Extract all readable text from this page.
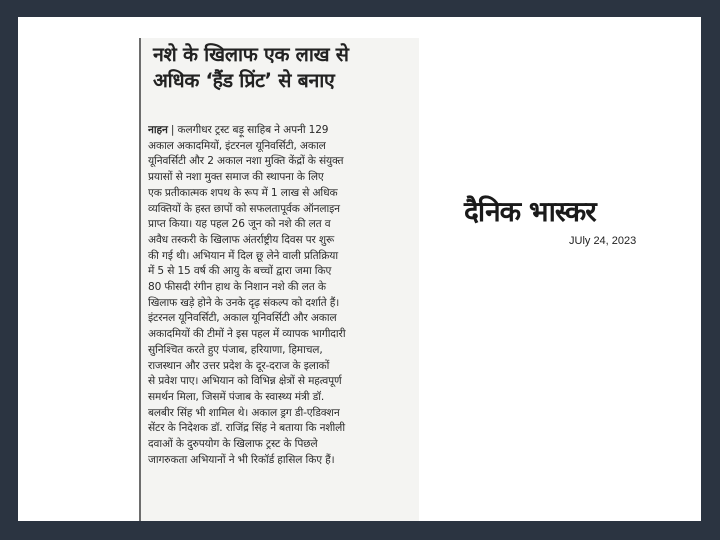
नशे के खिलाफ एक लाख से
अधिक ‘हैंड प्रिंट’ से बनाए
नाहन | कलगीधर ट्रस्ट बड़ू साहिब ने अपनी 129
अकाल अकादमियों, इंटरनल यूनिवर्सिटी, अकाल
यूनिवर्सिटी और 2 अकाल नशा मुक्ति केंद्रों के संयुक्त
प्रयासों से नशा मुक्त समाज की स्थापना के लिए
एक प्रतीकात्मक शपथ के रूप में 1 लाख से अधिक
व्यक्तियों के हस्त छापों को सफलतापूर्वक ऑनलाइन
प्राप्त किया। यह पहल 26 जून को नशे की लत व
अवैध तस्करी के खिलाफ अंतर्राष्ट्रीय दिवस पर शुरू
की गई थी। अभियान में दिल छू लेने वाली प्रतिक्रिया
में 5 से 15 वर्ष की आयु के बच्चों द्वारा जमा किए
80 फीसदी रंगीन हाथ के निशान नशे की लत के
खिलाफ खड़े होने के उनके दृढ़ संकल्प को दर्शाते हैं।
इंटरनल यूनिवर्सिटी, अकाल यूनिवर्सिटी और अकाल
अकादमियों की टीमों ने इस पहल में व्यापक भागीदारी
सुनिश्चित करते हुए पंजाब, हरियाणा, हिमाचल,
राजस्थान और उत्तर प्रदेश के दूर-दराज के इलाकों
से प्रवेश पाए। अभियान को विभिन्न क्षेत्रों से महत्वपूर्ण
समर्थन मिला, जिसमें पंजाब के स्वास्थ्य मंत्री डॉ.
बलबीर सिंह भी शामिल थे। अकाल ड्रग डी-एडिक्शन
सेंटर के निदेशक डॉ. राजिंद्र सिंह ने बताया कि नशीली
दवाओं के दुरुपयोग के खिलाफ ट्रस्ट के पिछले
जागरुकता अभियानों ने भी रिकॉर्ड हासिल किए हैं।
दैनिक भास्कर
JUly 24, 2023
